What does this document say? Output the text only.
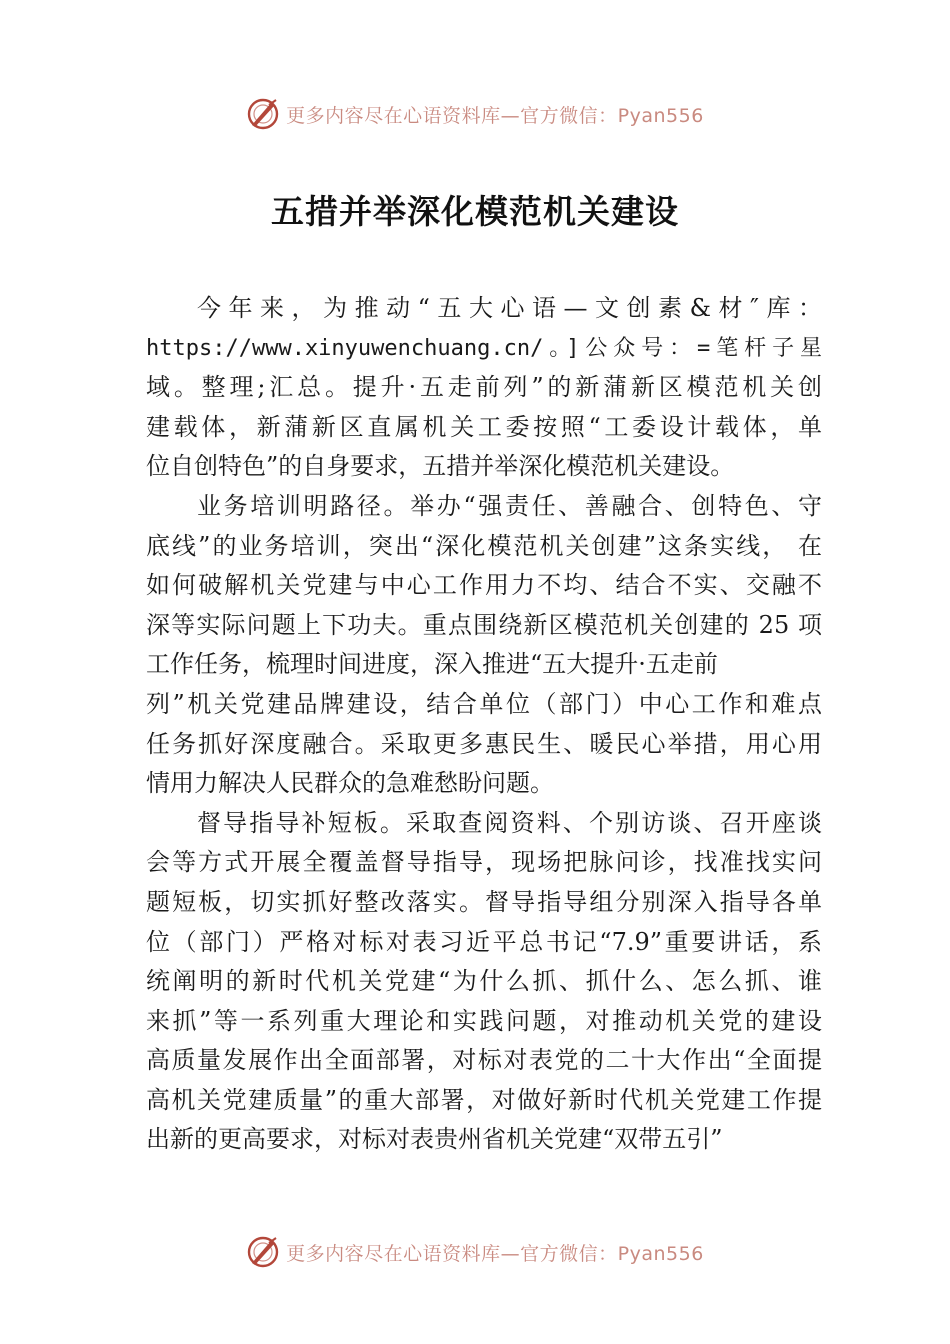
更多内容尽在心语资料库—官方微信：Pyan556
五措并举深化模范机关建设
今年来，为推动“五大心语—文创素&材″库：
https://www.xinyuwenchuang.cn/。]公众号：=笔杆子星
域。整理;汇总。提升·五走前列”的新蒲新区模范机关创
建载体，新蒲新区直属机关工委按照“工委设计载体，单
位自创特色”的自身要求，五措并举深化模范机关建设。
业务培训明路径。举办“强责任、善融合、创特色、守
底线”的业务培训，突出“深化模范机关创建”这条实线， 在
如何破解机关党建与中心工作用力不均、结合不实、交融不
深等实际问题上下功夫。重点围绕新区模范机关创建的 25 项
工作任务，梳理时间进度，深入推进“五大提升·五走前
列”机关党建品牌建设，结合单位（部门）中心工作和难点
任务抓好深度融合。采取更多惠民生、暖民心举措，用心用
情用力解决人民群众的急难愁盼问题。
督导指导补短板。采取查阅资料、个别访谈、召开座谈
会等方式开展全覆盖督导指导，现场把脉问诊，找准找实问
题短板，切实抓好整改落实。督导指导组分别深入指导各单
位（部门）严格对标对表习近平总书记“7.9”重要讲话，系
统阐明的新时代机关党建“为什么抓、抓什么、怎么抓、谁
来抓”等一系列重大理论和实践问题，对推动机关党的建设
高质量发展作出全面部署，对标对表党的二十大作出“全面提
高机关党建质量”的重大部署，对做好新时代机关党建工作提
出新的更高要求，对标对表贵州省机关党建“双带五引”
更多内容尽在心语资料库—官方微信：Pyan556
